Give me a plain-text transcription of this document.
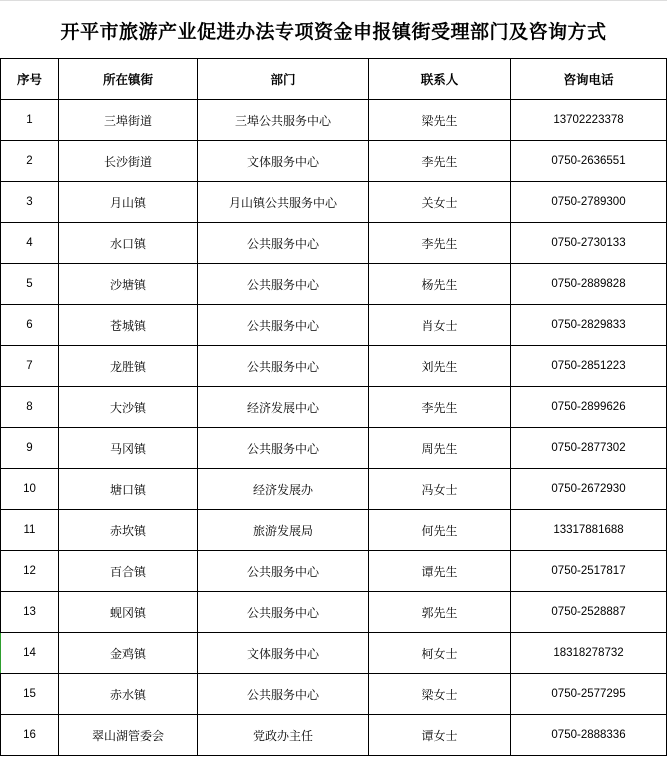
开平市旅游产业促进办法专项资金申报镇街受理部门及咨询方式
序号	所在镇街	部门	联系人	咨询电话
1	三埠街道	三埠公共服务中心	梁先生	13702223378
2	长沙街道	文体服务中心	李先生	0750-2636551
3	月山镇	月山镇公共服务中心	关女士	0750-2789300
4	水口镇	公共服务中心	李先生	0750-2730133
5	沙塘镇	公共服务中心	杨先生	0750-2889828
6	苍城镇	公共服务中心	肖女士	0750-2829833
7	龙胜镇	公共服务中心	刘先生	0750-2851223
8	大沙镇	经济发展中心	李先生	0750-2899626
9	马冈镇	公共服务中心	周先生	0750-2877302
10	塘口镇	经济发展办	冯女士	0750-2672930
11	赤坎镇	旅游发展局	何先生	13317881688
12	百合镇	公共服务中心	谭先生	0750-2517817
13	蚬冈镇	公共服务中心	郭先生	0750-2528887
14	金鸡镇	文体服务中心	柯女士	18318278732
15	赤水镇	公共服务中心	梁女士	0750-2577295
16	翠山湖管委会	党政办主任	谭女士	0750-2888336
